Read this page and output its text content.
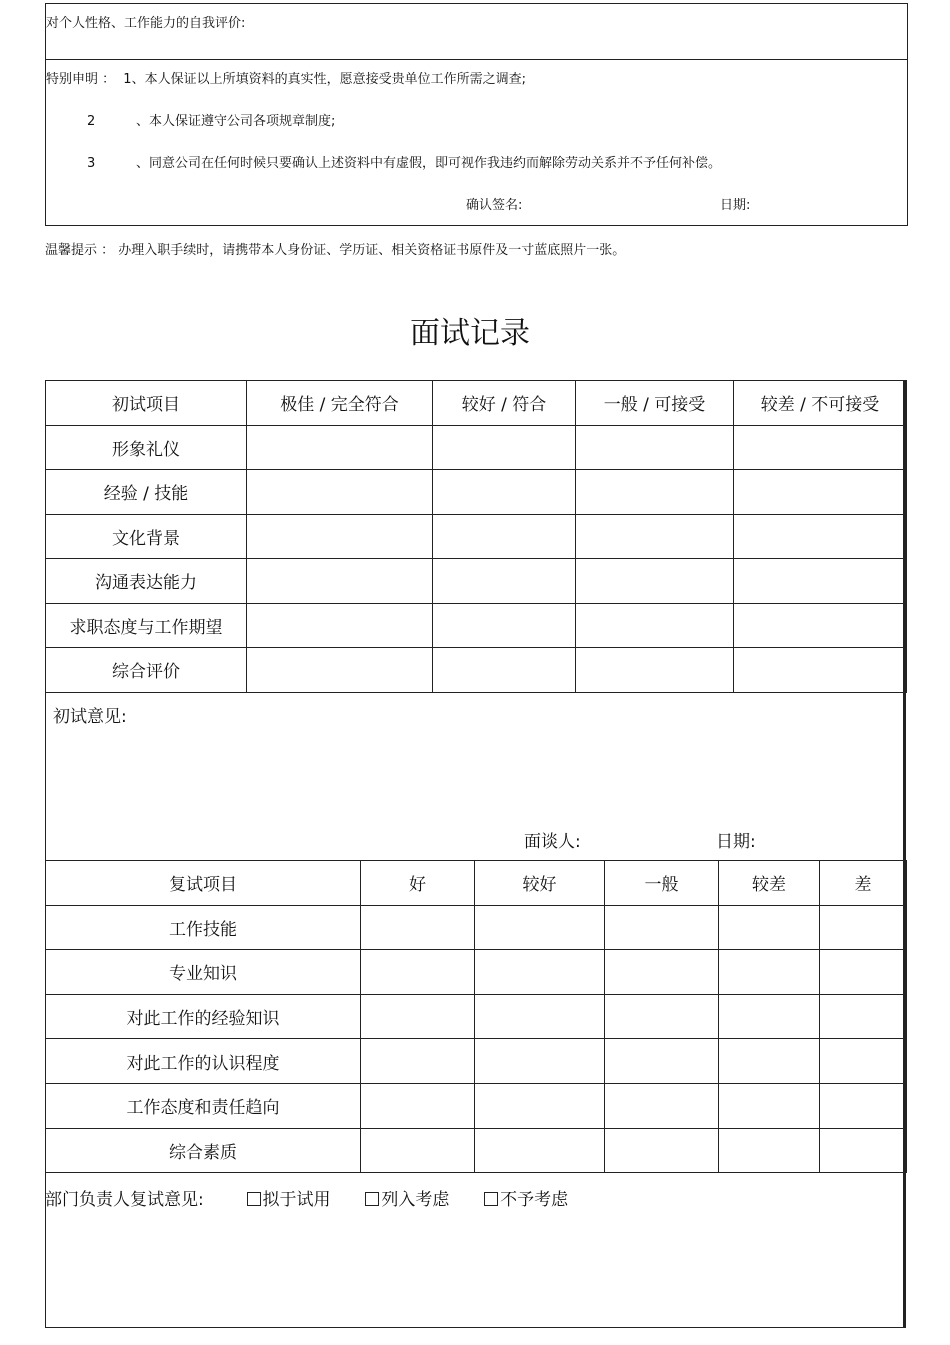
对个人性格、工作能力的自我评价:
特别申明 ： 1、本人保证以上所填资料的真实性，愿意接受贵单位工作所需之调查;
2	、本人保证遵守公司各项规章制度;
3	、同意公司在任何时候只要确认上述资料中有虚假，即可视作我违约而解除劳动关系并不予任何补偿。
确认签名:	日期:
温馨提示 ： 办理入职手续时，请携带本人身份证、学历证、相关资格证书原件及一寸蓝底照片一张。
面试记录
初试项目	极佳 / 完全符合	较好 / 符合	一般 / 可接受	较差 / 不可接受
形象礼仪				
经验 / 技能				
文化背景				
沟通表达能力				
求职态度与工作期望				
综合评价				
初试意见:
面谈人:	日期:
复试项目	好	较好	一般	较差	差
工作技能					
专业知识					
对此工作的经验知识					
对此工作的认识程度					
工作态度和责任趋向					
综合素质					
部门负责人复试意见:	拟于试用	列入考虑	不予考虑
